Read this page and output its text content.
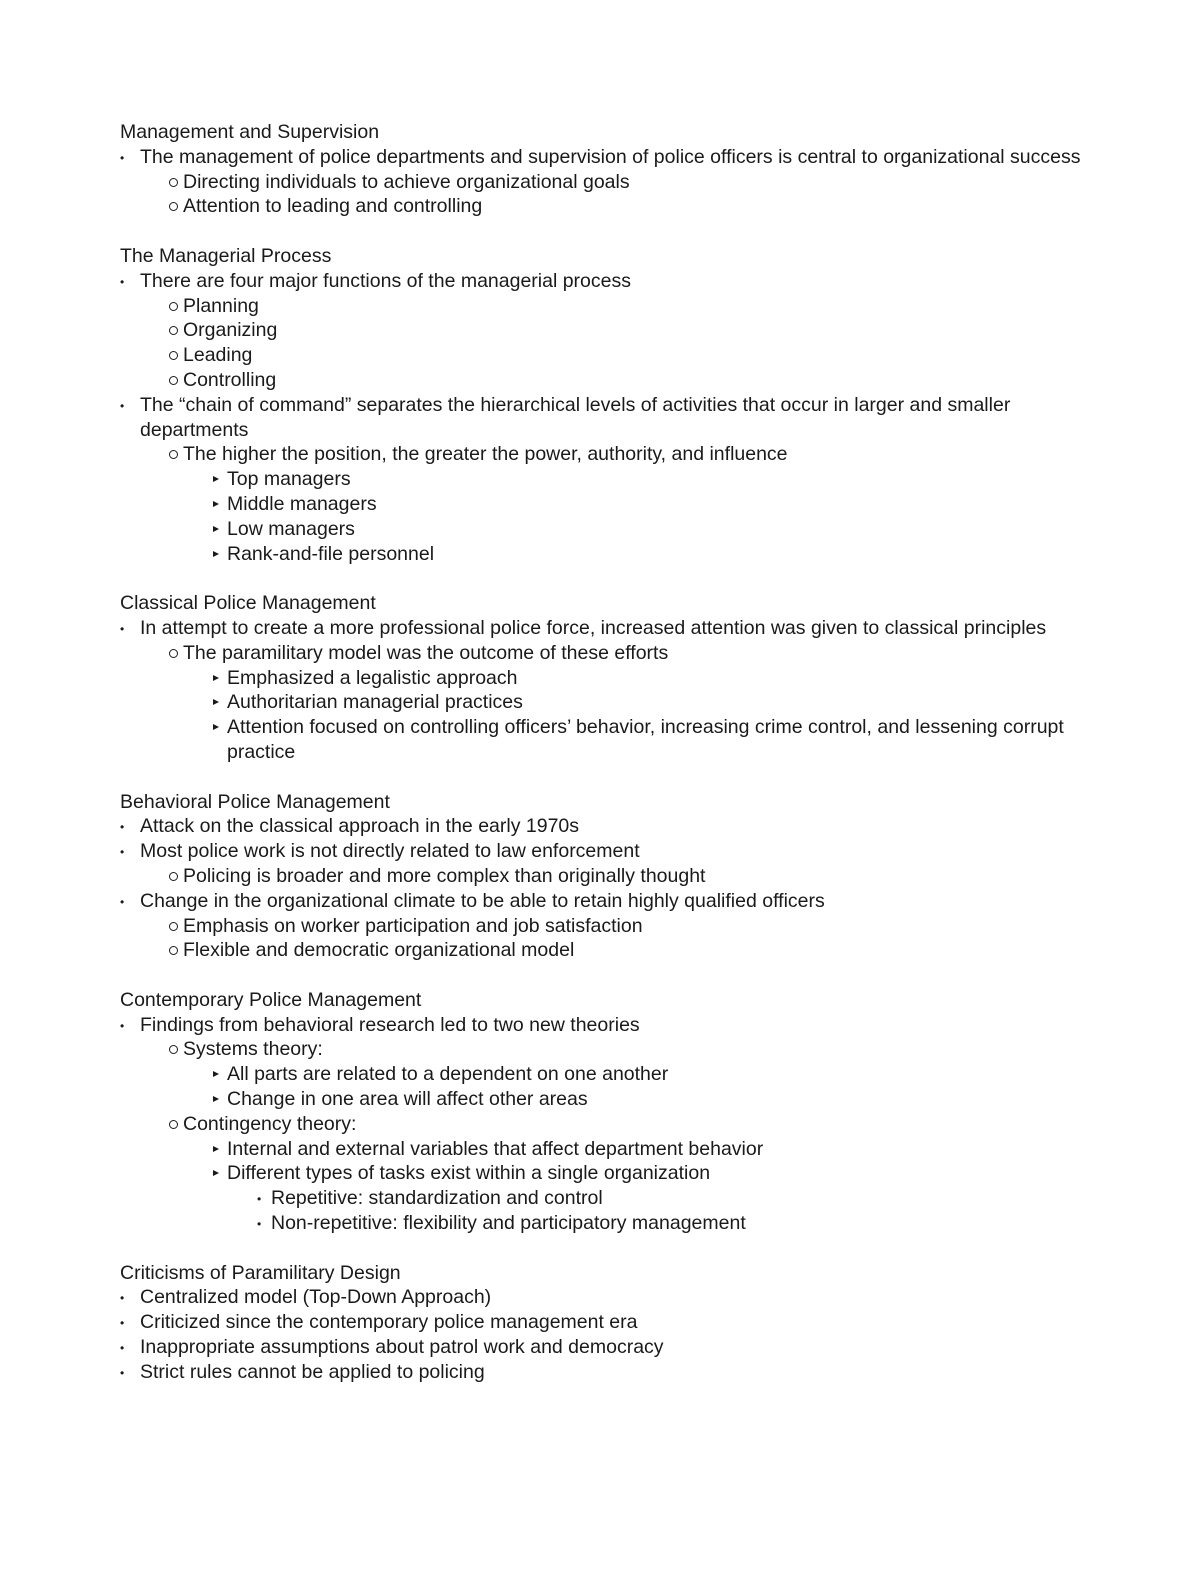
Management and Supervision
• The management of police departments and supervision of police officers is central to organizational success
Directing individuals to achieve organizational goals
Attention to leading and controlling
The Managerial Process
• There are four major functions of the managerial process
Planning
Organizing
Leading
Controlling
• The “chain of command” separates the hierarchical levels of activities that occur in larger and smaller departments
The higher the position, the greater the power, authority, and influence
Top managers
Middle managers
Low managers
Rank-and-file personnel
Classical Police Management
• In attempt to create a more professional police force, increased attention was given to classical principles
The paramilitary model was the outcome of these efforts
Emphasized a legalistic approach
Authoritarian managerial practices
Attention focused on controlling officers’ behavior, increasing crime control, and lessening corrupt practice
Behavioral Police Management
• Attack on the classical approach in the early 1970s
• Most police work is not directly related to law enforcement
Policing is broader and more complex than originally thought
• Change in the organizational climate to be able to retain highly qualified officers
Emphasis on worker participation and job satisfaction
Flexible and democratic organizational model
Contemporary Police Management
• Findings from behavioral research led to two new theories
Systems theory:
All parts are related to a dependent on one another
Change in one area will affect other areas
Contingency theory:
Internal and external variables that affect department behavior
Different types of tasks exist within a single organization
• Repetitive: standardization and control
• Non-repetitive: flexibility and participatory management
Criticisms of Paramilitary Design
• Centralized model (Top-Down Approach)
• Criticized since the contemporary police management era
• Inappropriate assumptions about patrol work and democracy
• Strict rules cannot be applied to policing
